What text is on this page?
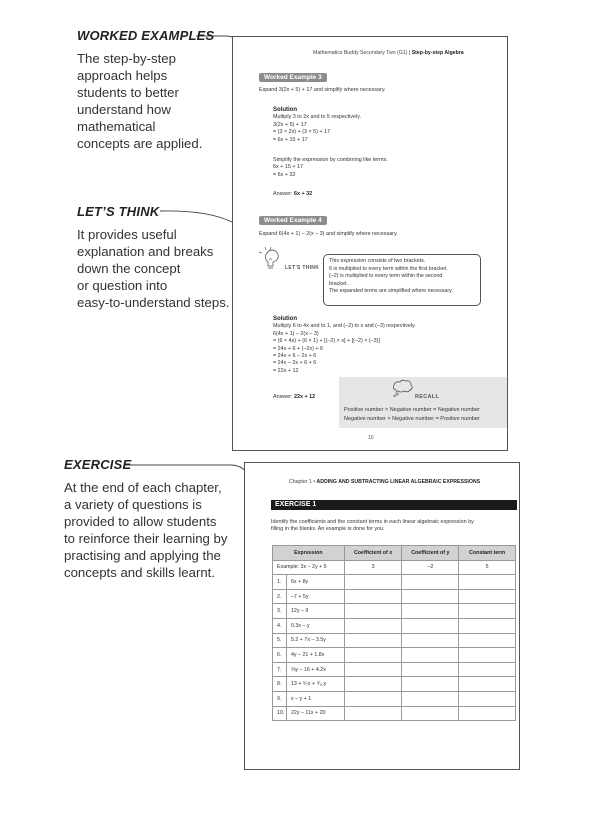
WORKED EXAMPLES
The step-by-step
approach helps
students to better
understand how
mathematical
concepts are applied.
LET’S THINK
It provides useful
explanation and breaks
down the concept
or question into
easy-to-understand steps.
EXERCISE
At the end of each chapter,
a variety of questions is
provided to allow students
to reinforce their learning by
practising and applying the
concepts and skills learnt.
Mathematics Buddy Secondary Two (G1) | Step-by-step Algebra
Worked Example 3
Expand 3(2x + 5) + 17 and simplify where necessary.
Solution
Multiply 3 to 2x and to 5 respectively.
3(2x + 5) + 17
= (3 × 2x) + (3 × 5) + 17
= 6x + 15 + 17
Simplify the expression by combining like terms.
6x + 15 + 17
= 6x + 32
Answer: 6x + 32
Worked Example 4
Expand 6(4x + 1) – 2(x – 3) and simplify where necessary.
LET’S THINK
This expression consists of two brackets.
6 is multiplied to every term within the first bracket.
(–2) is multiplied to every term within the second
bracket.
The expanded terms are simplified where necessary.
Solution
Multiply 6 to 4x and to 1, and (–2) to x and (–3) respectively.
6(4x + 1) – 2(x – 3)
= (6 × 4x) + (6 × 1) + [(–2) × x] + [(–2) × (–3)]
= 24x + 6 + (–2x) + 6
= 24x + 6 – 2x + 6
= 24x – 2x + 6 + 6
= 22x + 12
Answer: 22x + 12	RECALL
Positive number × Negative number = Negative number
Negative number × Negative number = Positive number
10
Chapter 1 • ADDING AND SUBTRACTING LINEAR ALGEBRAIC EXPRESSIONS
EXERCISE 1
Identify the coefficients and the constant terms in each linear algebraic expression by
filling in the blanks. An example is done for you.
Expression		Coefficient of x	Coefficient of y	Constant term
Example: 3x – 2y + 5		3	–2	5
1.	6x + 8y			
2.	–7 + 5y			
3.	12y – 9			
4.	0.3x – y			
5.	5.2 + 7x – 3.5y			
6.	4y – 21 + 1.8x			
7.	⅔y – 16 + 4.2x			
8.	13 + ⁵⁄₇x + ⁹⁄₁₀y			
9.	x – y + 1			
10.	22y – 11x + 20			
